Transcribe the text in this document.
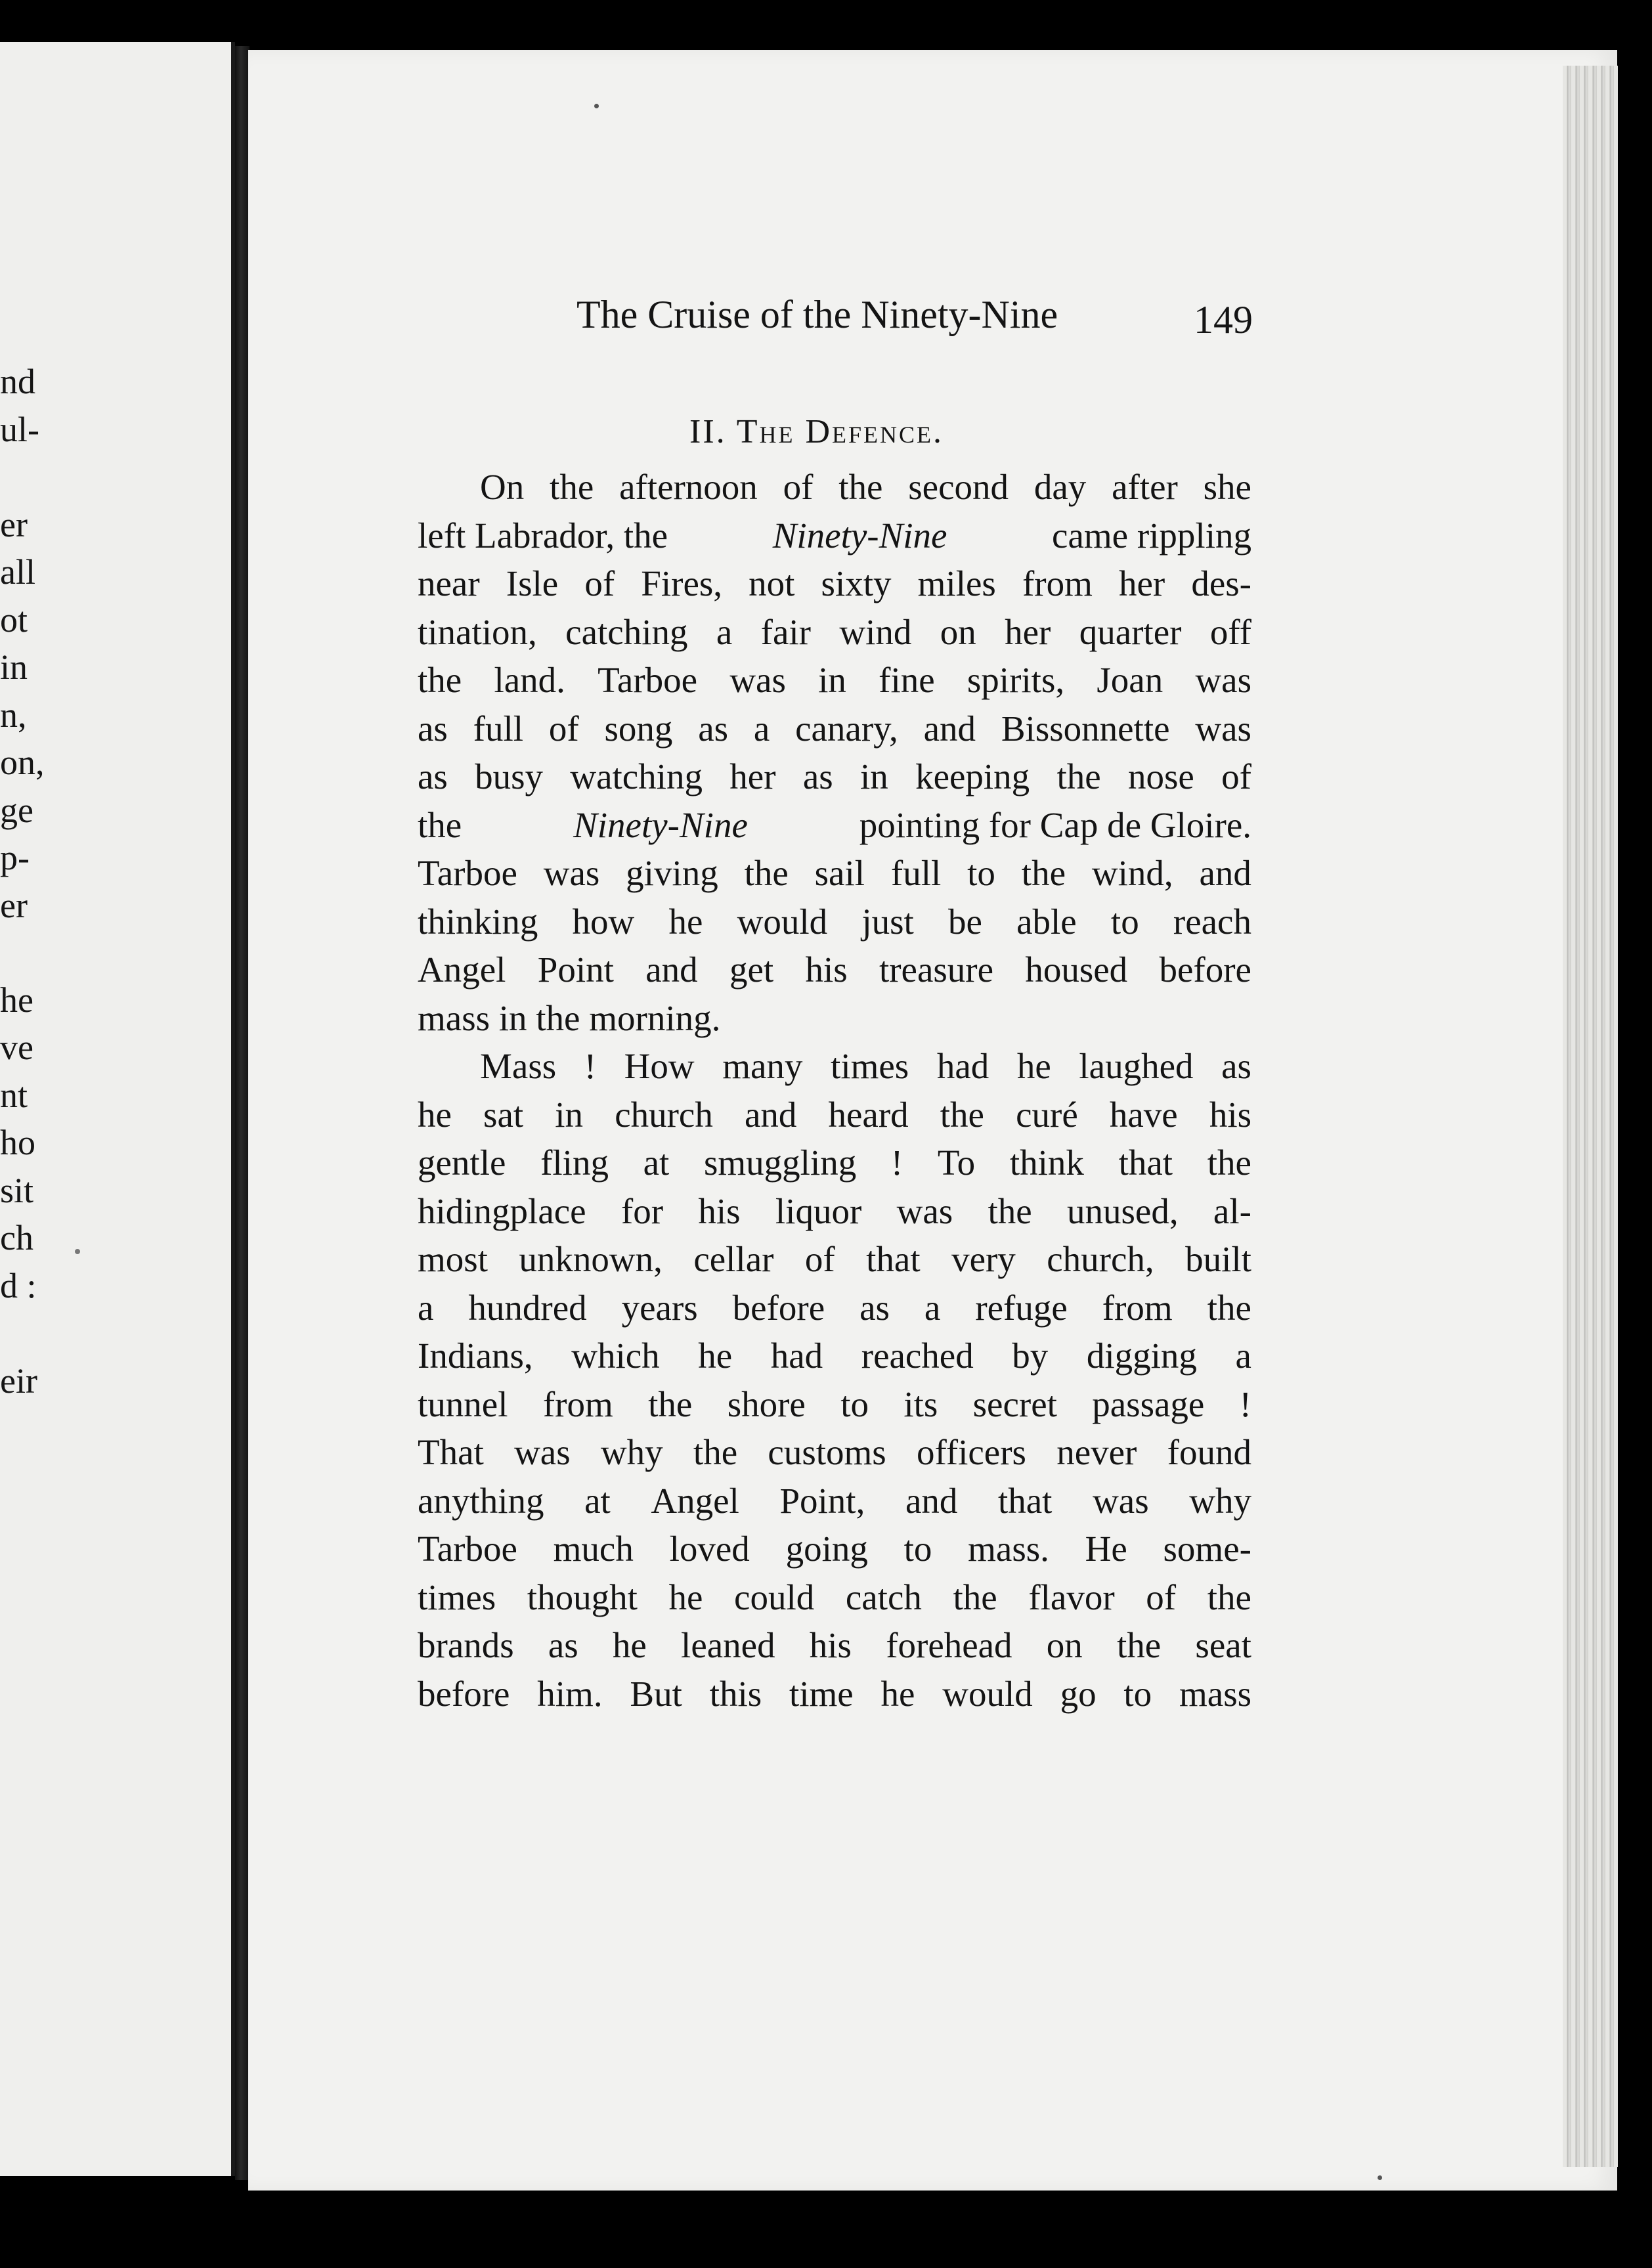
nd
ul-
er
all
ot
in
n,
on,
ge
p-
er
he
ve
nt
ho
sit
ch
d :
eir
The Cruise of the Ninety-Nine	149
II. The Defence.
On the afternoon of the second day after she
left Labrador, the	Ninety-Nine	came rippling
near Isle of Fires, not sixty miles from her des-
tination, catching a fair wind on her quarter off
the land. Tarboe was in fine spirits, Joan was
as full of song as a canary, and Bissonnette was
as busy watching her as in keeping the nose of
the	Ninety-Nine	pointing for Cap de Gloire.
Tarboe was giving the sail full to the wind, and
thinking how he would just be able to reach
Angel Point and get his treasure housed before
mass in the morning.
Mass ! How many times had he laughed as
he sat in church and heard the curé have his
gentle fling at smuggling ! To think that the
hidingplace for his liquor was the unused, al-
most unknown, cellar of that very church, built
a hundred years before as a refuge from the
Indians, which he had reached by digging a
tunnel from the shore to its secret passage !
That was why the customs officers never found
anything at Angel Point, and that was why
Tarboe much loved going to mass. He some-
times thought he could catch the flavor of the
brands as he leaned his forehead on the seat
before him. But this time he would go to mass
